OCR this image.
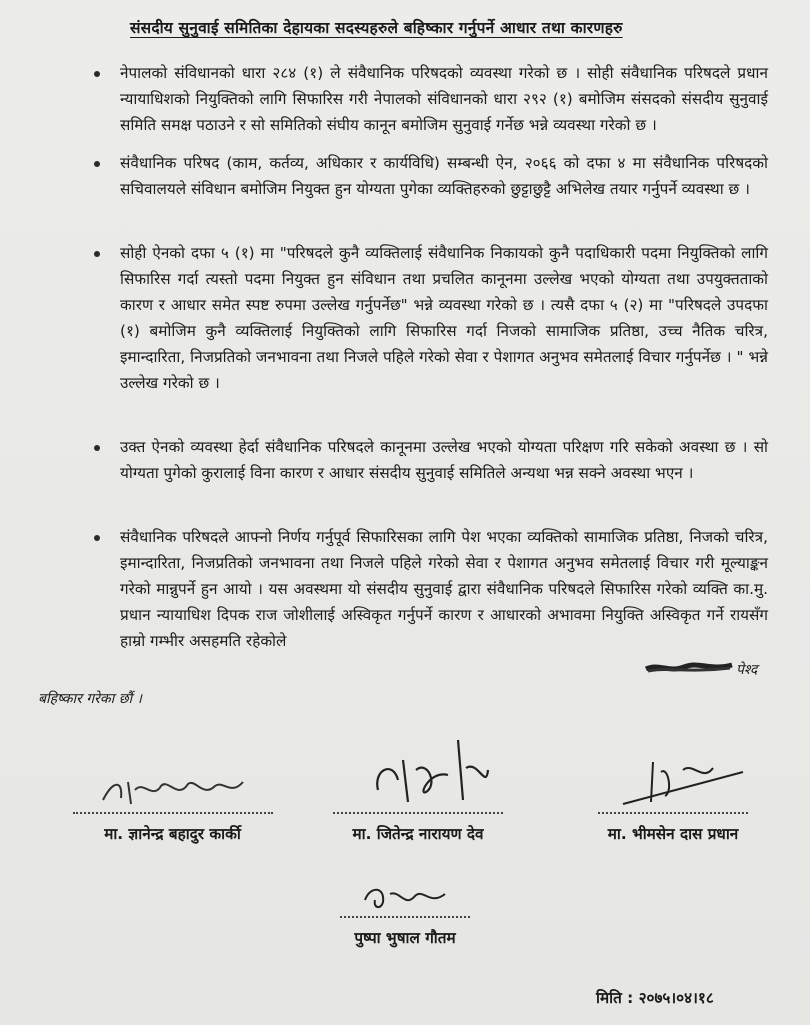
संसदीय सुनुवाई समितिका देहायका सदस्यहरुले बहिष्कार गर्नुपर्ने आधार तथा कारणहरु
नेपालको संविधानको धारा २८४ (१) ले संवैधानिक परिषदको व्यवस्था गरेको छ । सोही संवैधानिक परिषदले प्रधान न्यायाधिशको नियुक्तिको लागि सिफारिस गरी नेपालको संविधानको धारा २९२ (१) बमोजिम संसदको संसदीय सुनुवाई समिति समक्ष पठाउने र सो समितिको संघीय कानून बमोजिम सुनुवाई गर्नेछ भन्ने व्यवस्था गरेको छ ।
संवैधानिक परिषद (काम, कर्तव्य, अधिकार र कार्यविधि) सम्बन्धी ऐन, २०६६ को दफा ४ मा संवैधानिक परिषदको सचिवालयले संविधान बमोजिम नियुक्त हुन योग्यता पुगेका व्यक्तिहरुको छुट्टाछुट्टै अभिलेख तयार गर्नुपर्ने व्यवस्था छ ।
सोही ऐनको दफा ५ (१) मा "परिषदले कुनै व्यक्तिलाई संवैधानिक निकायको कुनै पदाधिकारी पदमा नियुक्तिको लागि सिफारिस गर्दा त्यस्तो पदमा नियुक्त हुन संविधान तथा प्रचलित कानूनमा उल्लेख भएको योग्यता तथा उपयुक्तताको कारण र आधार समेत स्पष्ट रुपमा उल्लेख गर्नुपर्नेछ" भन्ने व्यवस्था गरेको छ । त्यसै दफा ५ (२) मा "परिषदले उपदफा (१) बमोजिम कुनै व्यक्तिलाई नियुक्तिको लागि सिफारिस गर्दा निजको सामाजिक प्रतिष्ठा, उच्च नैतिक चरित्र, इमान्दारिता, निजप्रतिको जनभावना तथा निजले पहिले गरेको सेवा र पेशागत अनुभव समेतलाई विचार गर्नुपर्नेछ । " भन्ने उल्लेख गरेको छ ।
उक्त ऐनको व्यवस्था हेर्दा संवैधानिक परिषदले कानूनमा उल्लेख भएको योग्यता परिक्षण गरि सकेको अवस्था छ । सो योग्यता पुगेको कुरालाई विना कारण र आधार संसदीय सुनुवाई समितिले अन्यथा भन्न सक्ने अवस्था भएन ।
संवैधानिक परिषदले आफ्नो निर्णय गर्नुपूर्व सिफारिसका लागि पेश भएका व्यक्तिको सामाजिक प्रतिष्ठा, निजको चरित्र, इमान्दारिता, निजप्रतिको जनभावना तथा निजले पहिले गरेको सेवा र पेशागत अनुभव समेतलाई विचार गरी मूल्याङ्कन गरेको मान्नुपर्ने हुन आयो । यस अवस्थमा यो संसदीय सुनुवाई द्वारा संवैधानिक परिषदले सिफारिस गरेको व्यक्ति का.मु. प्रधान न्यायाधिश दिपक राज जोशीलाई अस्विकृत गर्नुपर्ने कारण र आधारको अभावमा नियुक्ति अस्विकृत गर्ने रायसँग हाम्रो गम्भीर असहमति रहेकोले
पेश्द
बहिष्कार गरेका छौं ।
मा. ज्ञानेन्द्र बहादुर कार्की	मा. जितेन्द्र नारायण देव	मा. भीमसेन दास प्रधान
पुष्पा भुषाल गौतम
मिति : २०७५।०४।१८
